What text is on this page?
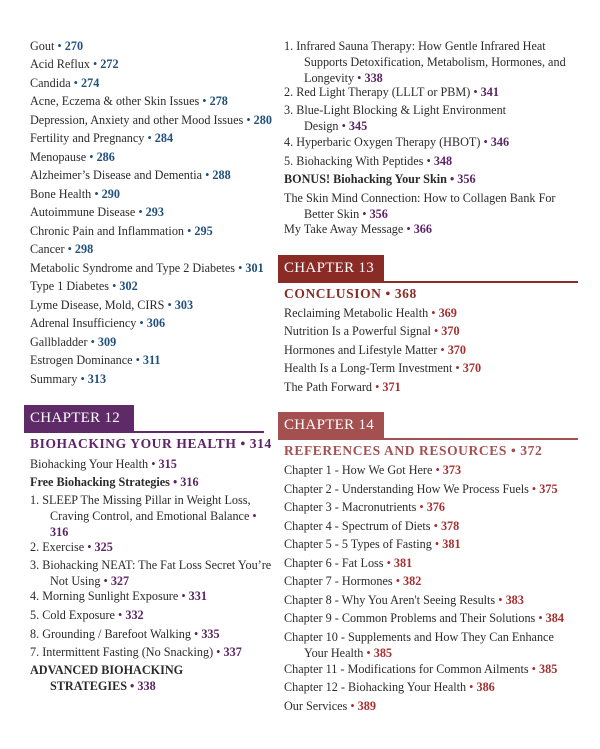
Gout • 270
Acid Reflux • 272
Candida • 274
Acne, Eczema & other Skin Issues • 278
Depression, Anxiety and other Mood Issues • 280
Fertility and Pregnancy • 284
Menopause • 286
Alzheimer’s Disease and Dementia • 288
Bone Health • 290
Autoimmune Disease • 293
Chronic Pain and Inflammation • 295
Cancer • 298
Metabolic Syndrome and Type 2 Diabetes • 301
Type 1 Diabetes • 302
Lyme Disease, Mold, CIRS • 303
Adrenal Insufficiency • 306
Gallbladder • 309
Estrogen Dominance • 311
Summary • 313
CHAPTER 12
BIOHACKING YOUR HEALTH • 314
Biohacking Your Health • 315
Free Biohacking Strategies • 316
1. SLEEP The Missing Pillar in Weight Loss, Craving Control, and Emotional Balance • 316
2. Exercise • 325
3. Biohacking NEAT: The Fat Loss Secret You’re Not Using • 327
4. Morning Sunlight Exposure • 331
5. Cold Exposure • 332
8. Grounding / Barefoot Walking • 335
7. Intermittent Fasting (No Snacking) • 337
ADVANCED BIOHACKING STRATEGIES • 338
1. Infrared Sauna Therapy: How Gentle Infrared Heat Supports Detoxification, Metabolism, Hormones, and Longevity • 338
2. Red Light Therapy (LLLT or PBM) • 341
3. Blue-Light Blocking & Light Environment Design • 345
4. Hyperbaric Oxygen Therapy (HBOT) • 346
5. Biohacking With Peptides • 348
BONUS! Biohacking Your Skin • 356
The Skin Mind Connection: How to Collagen Bank For Better Skin • 356
My Take Away Message • 366
CHAPTER 13
CONCLUSION • 368
Reclaiming Metabolic Health • 369
Nutrition Is a Powerful Signal • 370
Hormones and Lifestyle Matter • 370
Health Is a Long-Term Investment • 370
The Path Forward • 371
CHAPTER 14
REFERENCES AND RESOURCES • 372
Chapter 1 - How We Got Here • 373
Chapter 2 - Understanding How We Process Fuels • 375
Chapter 3 - Macronutrients • 376
Chapter 4 - Spectrum of Diets • 378
Chapter 5 - 5 Types of Fasting • 381
Chapter 6 - Fat Loss • 381
Chapter 7 - Hormones • 382
Chapter 8 - Why You Aren't Seeing Results • 383
Chapter 9 - Common Problems and Their Solutions • 384
Chapter 10 - Supplements and How They Can Enhance Your Health • 385
Chapter 11 - Modifications for Common Ailments • 385
Chapter 12 - Biohacking Your Health • 386
Our Services • 389
